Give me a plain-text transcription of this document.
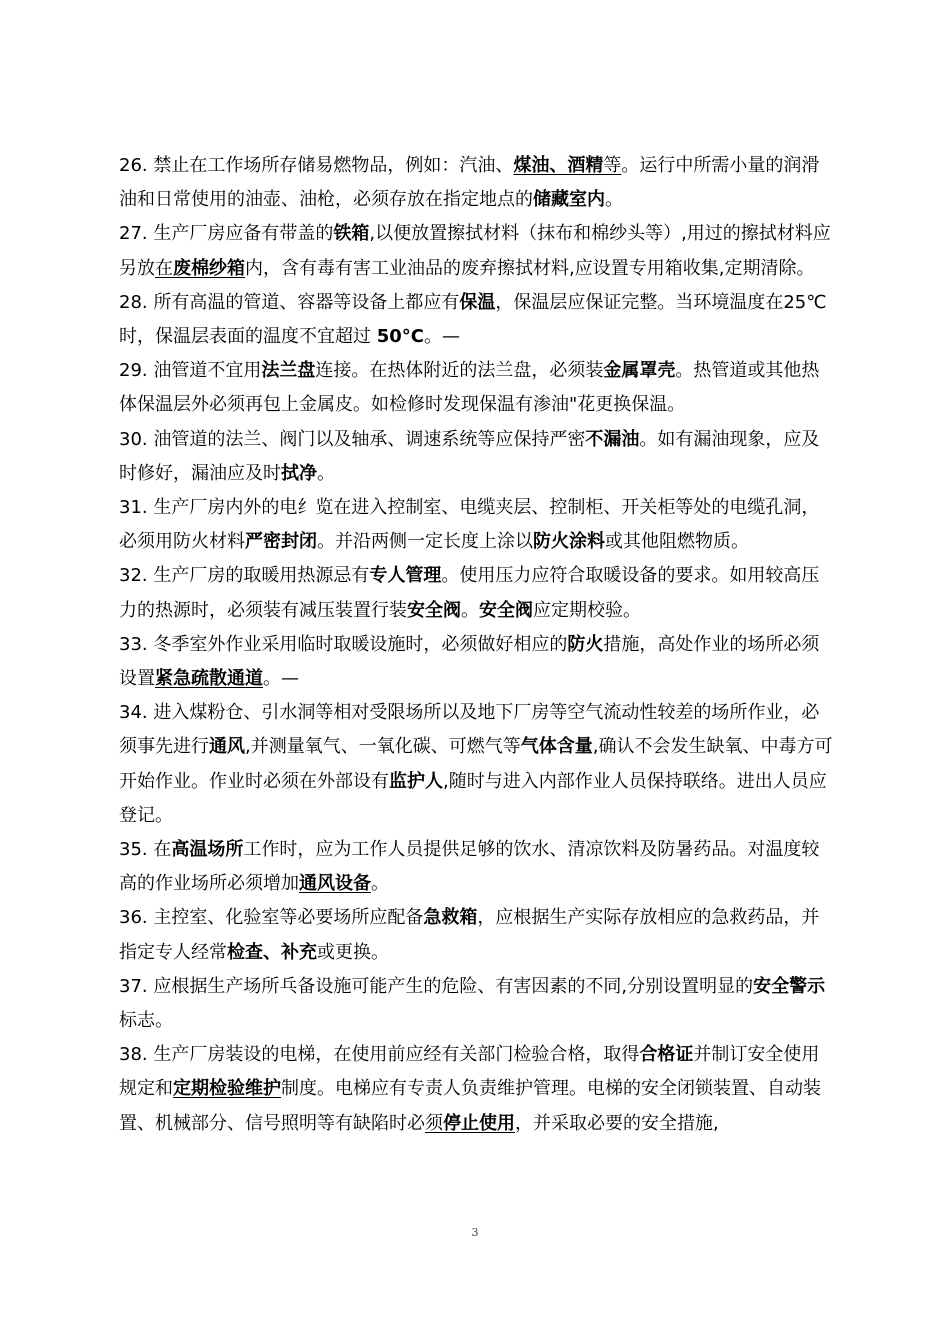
26. 禁止在工作场所存储易燃物品，例如：汽油、煤油、酒精等。运行中所需小量的润滑油和日常使用的油壶、油枪，必须存放在指定地点的储藏室内。

27. 生产厂房应备有带盖的铁箱,以便放置擦拭材料（抹布和棉纱头等）,用过的擦拭材料应另放在废棉纱箱内，含有毒有害工业油品的废弃擦拭材料,应设置专用箱收集,定期清除。

28. 所有高温的管道、容器等设备上都应有保温，保温层应保证完整。当环境温度在25℃时，保温层表面的温度不宜超过 50°C。—

29. 油管道不宜用法兰盘连接。在热体附近的法兰盘，必须装金属罩壳。热管道或其他热体保温层外必须再包上金属皮。如检修时发现保温有渗油"花更换保温。

30. 油管道的法兰、阀门以及轴承、调速系统等应保持严密不漏油。如有漏油现象，应及时修好，漏油应及时拭净。

31. 生产厂房内外的电纟览在进入控制室、电缆夹层、控制柜、开关柜等处的电缆孔洞，必须用防火材料严密封闭。并沿两侧一定长度上涂以防火涂料或其他阻燃物质。

32. 生产厂房的取暖用热源忌有专人管理。使用压力应符合取暖设备的要求。如用较高压力的热源时，必须装有减压装置行装安全阀。安全阀应定期校验。

33. 冬季室外作业采用临时取暖设施时，必须做好相应的防火措施，高处作业的场所必须设置紧急疏散通道。—

34. 进入煤粉仓、引水洞等相对受限场所以及地下厂房等空气流动性较差的场所作业，必须事先进行通风,并测量氧气、一氧化碳、可燃气等气体含量,确认不会发生缺氧、中毒方可开始作业。作业时必须在外部设有监护人,随时与进入内部作业人员保持联络。进出人员应登记。

35. 在高温场所工作时，应为工作人员提供足够的饮水、清凉饮料及防暑药品。对温度较高的作业场所必须增加通风设备。

36. 主控室、化验室等必要场所应配备急救箱，应根据生产实际存放相应的急救药品，并指定专人经常检查、补充或更换。

37. 应根据生产场所乓备设施可能产生的危险、有害因素的不同,分别设置明显的安全警示标志。

38. 生产厂房装设的电梯，在使用前应经有关部门检验合格，取得合格证并制订安全使用规定和定期检验维护制度。电梯应有专责人负责维护管理。电梯的安全闭锁装置、自动装置、机械部分、信号照明等有缺陷时必须停止使用，并采取必要的安全措施,

3
